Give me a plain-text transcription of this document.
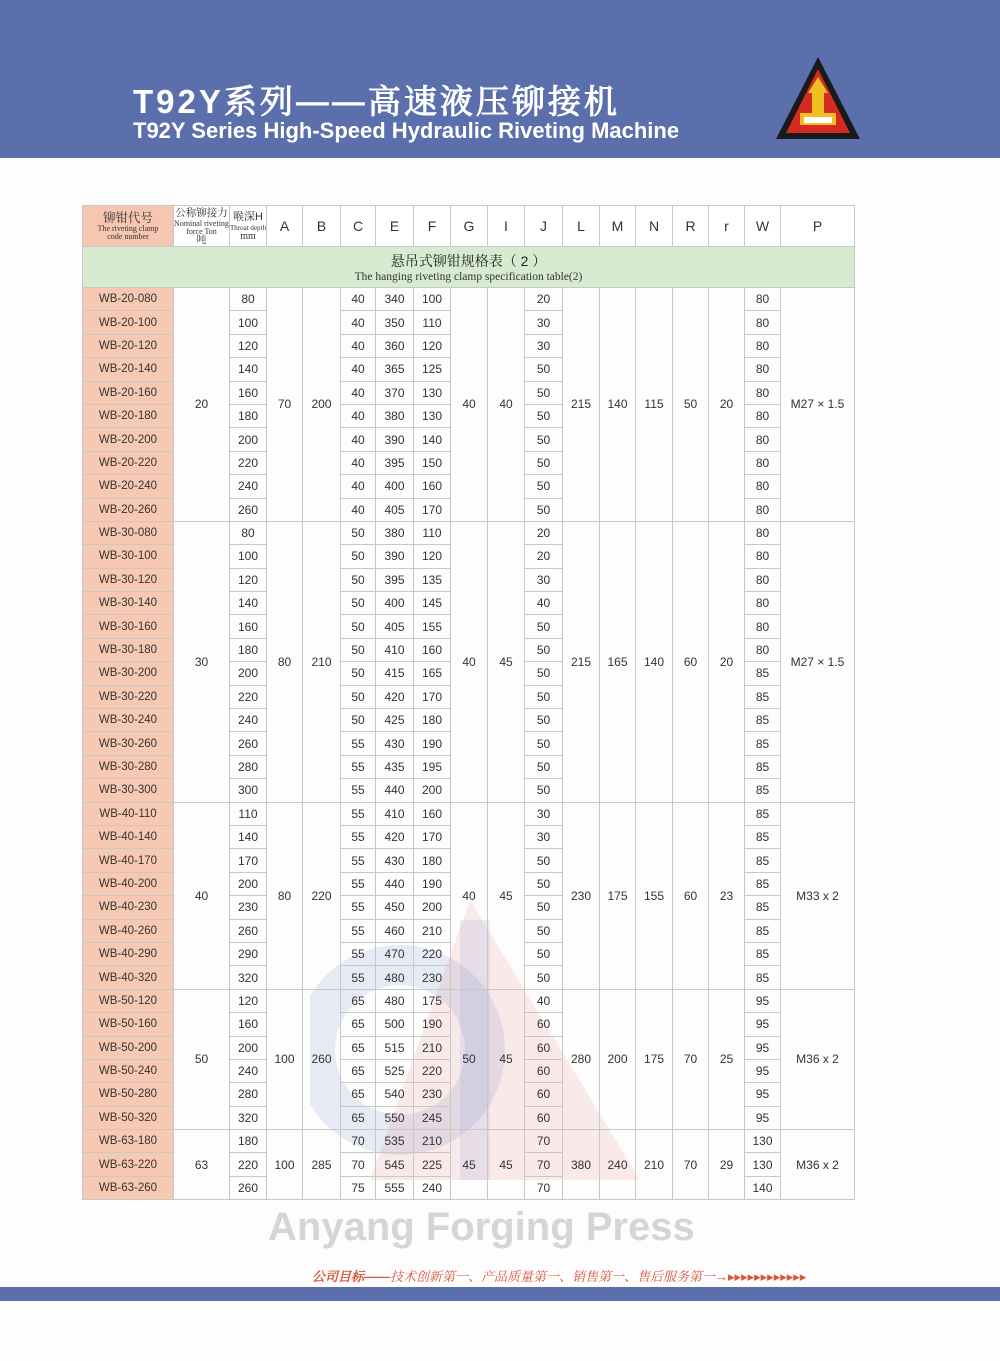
T92Y系列——高速液压铆接机
T92Y Series High-Speed Hydraulic Riveting Machine
悬吊式铆钳规格表（ 2 ）
The hanging riveting clamp specification table(2)																	

铆钳代号
The riveting clamp
code number	公称铆接力
Nominal riveting
force Ton
吨	喉深H
Throat depth
mm	A	B	C	E	F	G	I	J	L	M	N	R	r	W	P
WB-20-080	20	80	70	200	40	340	100	40	40	20	215	140	115	50	20	80	M27 × 1.5
WB-20-100		100			40	350	110			30						80	
WB-20-120		120			40	360	120			30						80	
WB-20-140		140			40	365	125			50						80	
WB-20-160		160			40	370	130			50						80	
WB-20-180		180			40	380	130			50						80	
WB-20-200		200			40	390	140			50						80	
WB-20-220		220			40	395	150			50						80	
WB-20-240		240			40	400	160			50						80	
WB-20-260		260			40	405	170			50						80	
WB-30-080	30	80	80	210	50	380	110	40	45	20	215	165	140	60	20	80	M27 × 1.5
WB-30-100		100			50	390	120			20						80	
WB-30-120		120			50	395	135			30						80	
WB-30-140		140			50	400	145			40						80	
WB-30-160		160			50	405	155			50						80	
WB-30-180		180			50	410	160			50						80	
WB-30-200		200			50	415	165			50						85	
WB-30-220		220			50	420	170			50						85	
WB-30-240		240			50	425	180			50						85	
WB-30-260		260			55	430	190			50						85	
WB-30-280		280			55	435	195			50						85	
WB-30-300		300			55	440	200			50						85	
WB-40-110	40	110	80	220	55	410	160	40	45	30	230	175	155	60	23	85	M33 x 2
WB-40-140		140			55	420	170			30						85	
WB-40-170		170			55	430	180			50						85	
WB-40-200		200			55	440	190			50						85	
WB-40-230		230			55	450	200			50						85	
WB-40-260		260			55	460	210			50						85	
WB-40-290		290			55	470	220			50						85	
WB-40-320		320			55	480	230			50						85	
WB-50-120	50	120	100	260	65	480	175	50	45	40	280	200	175	70	25	95	M36 x 2
WB-50-160		160			65	500	190			60						95	
WB-50-200		200			65	515	210			60						95	
WB-50-240		240			65	525	220			60						95	
WB-50-280		280			65	540	230			60						95	
WB-50-320		320			65	550	245			60						95	
WB-63-180	63	180	100	285	70	535	210	45	45	70	380	240	210	70	29	130	M36 x 2
WB-63-220		220			70	545	225			70						130	
WB-63-260		260			75	555	240			70						140	
Anyang Forging Press
公司目标——技术创新第一、产品质量第一、销售第一、售后服务第一→▸▸▸▸▸▸▸▸▸▸▸▸
